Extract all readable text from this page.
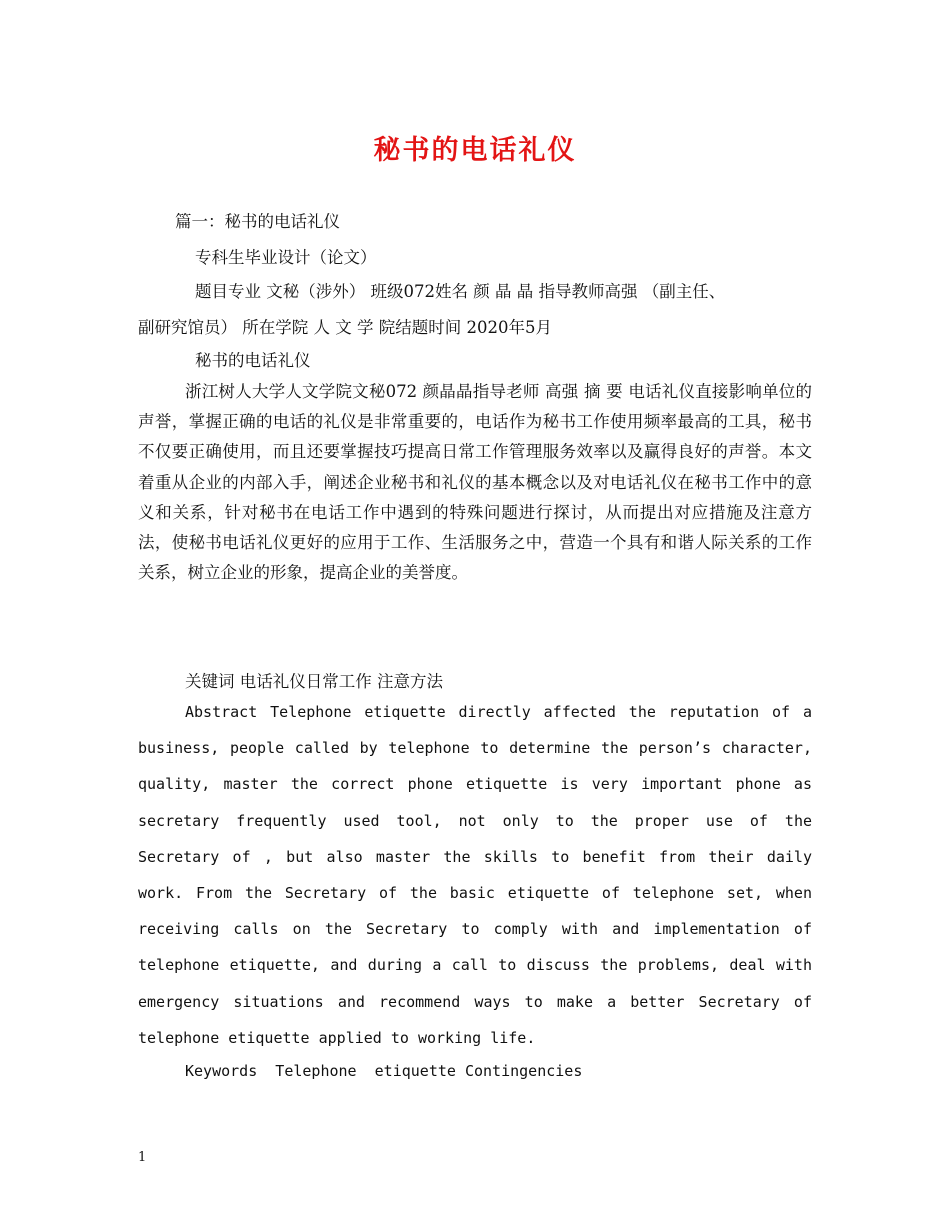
秘书的电话礼仪
篇一：秘书的电话礼仪
专科生毕业设计（论文）
题目专业 文秘（涉外） 班级072姓名 颜 晶 晶 指导教师高强 （副主任、
副研究馆员） 所在学院 人 文 学 院结题时间 2020年5月
秘书的电话礼仪
浙江树人大学人文学院文秘072 颜晶晶指导老师 高强 摘 要 电话礼仪直接影响单位的声誉，掌握正确的电话的礼仪是非常重要的，电话作为秘书工作使用频率最高的工具，秘书不仅要正确使用，而且还要掌握技巧提高日常工作管理服务效率以及赢得良好的声誉。本文着重从企业的内部入手，阐述企业秘书和礼仪的基本概念以及对电话礼仪在秘书工作中的意义和关系，针对秘书在电话工作中遇到的特殊问题进行探讨，从而提出对应措施及注意方法，使秘书电话礼仪更好的应用于工作、生活服务之中，营造一个具有和谐人际关系的工作关系，树立企业的形象，提高企业的美誉度。
关键词 电话礼仪日常工作 注意方法
Abstract Telephone etiquette directly affected the reputation of a business, people called by telephone to determine the person’s character, quality, master the correct phone etiquette is very important phone as secretary frequently used tool, not only to the proper use of the Secretary of , but also master the skills to benefit from their daily work. From the Secretary of the basic etiquette of telephone set, when receiving calls on the Secretary to comply with and implementation of telephone etiquette, and during a call to discuss the problems, deal with emergency situations and recommend ways to make a better Secretary of telephone etiquette applied to working life.
Keywords  Telephone  etiquette Contingencies
1
